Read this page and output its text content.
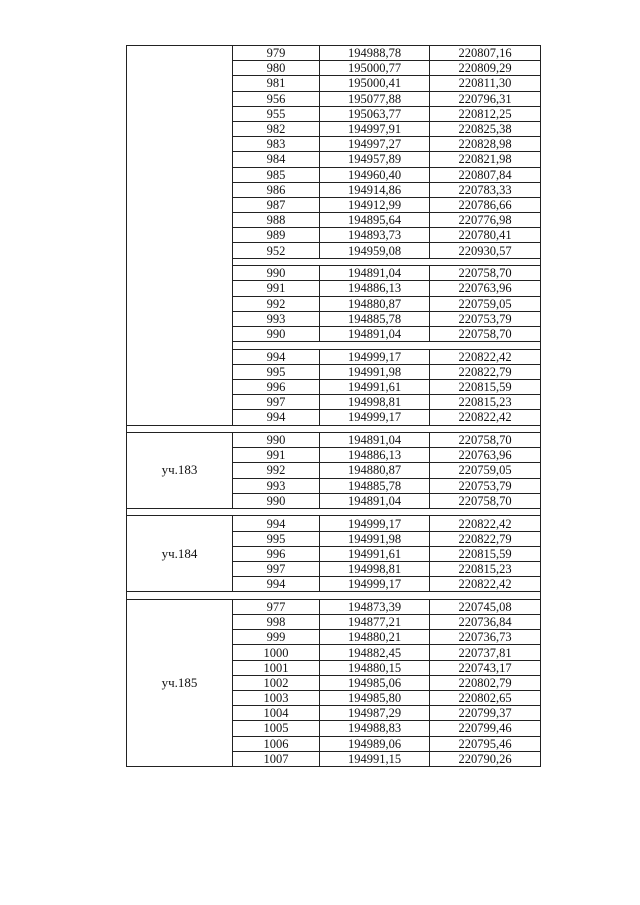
	979	194988,78	220807,16
	980	195000,77	220809,29
	981	195000,41	220811,30
	956	195077,88	220796,31
	955	195063,77	220812,25
	982	194997,91	220825,38
	983	194997,27	220828,98
	984	194957,89	220821,98
	985	194960,40	220807,84
	986	194914,86	220783,33
	987	194912,99	220786,66
	988	194895,64	220776,98
	989	194893,73	220780,41
	952	194959,08	220930,57

	990	194891,04	220758,70
	991	194886,13	220763,96
	992	194880,87	220759,05
	993	194885,78	220753,79
	990	194891,04	220758,70

	994	194999,17	220822,42
	995	194991,98	220822,79
	996	194991,61	220815,59
	997	194998,81	220815,23
	994	194999,17	220822,42

уч.183	990	194891,04	220758,70
	991	194886,13	220763,96
	992	194880,87	220759,05
	993	194885,78	220753,79
	990	194891,04	220758,70

уч.184	994	194999,17	220822,42
	995	194991,98	220822,79
	996	194991,61	220815,59
	997	194998,81	220815,23
	994	194999,17	220822,42

уч.185	977	194873,39	220745,08
	998	194877,21	220736,84
	999	194880,21	220736,73
	1000	194882,45	220737,81
	1001	194880,15	220743,17
	1002	194985,06	220802,79
	1003	194985,80	220802,65
	1004	194987,29	220799,37
	1005	194988,83	220799,46
	1006	194989,06	220795,46
	1007	194991,15	220790,26
